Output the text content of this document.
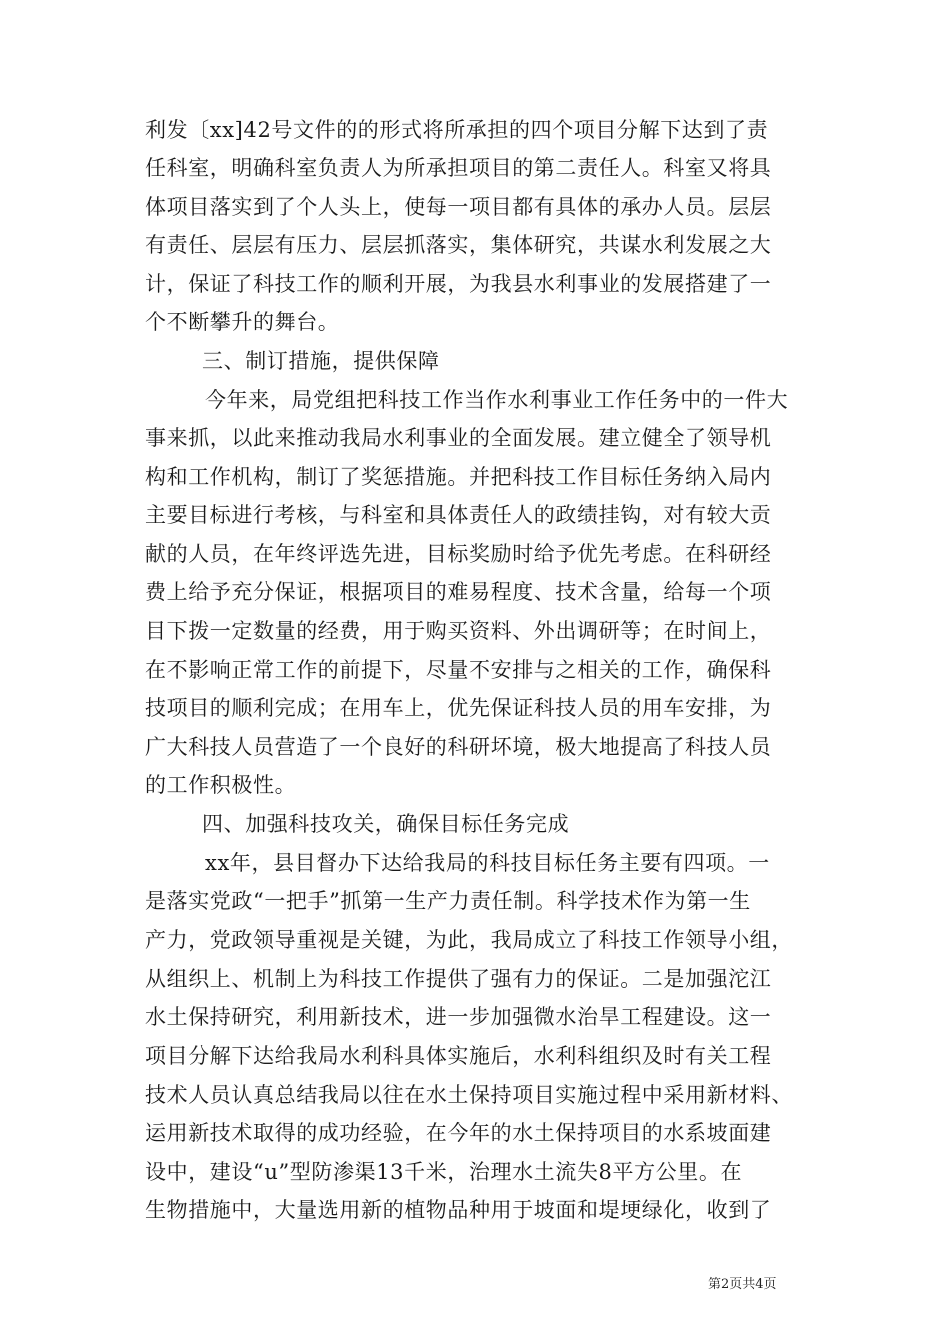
利发〔xx]42号文件的的形式将所承担的四个项目分解下达到了责
任科室，明确科室负责人为所承担项目的第二责任人。科室又将具
体项目落实到了个人头上，使每一项目都有具体的承办人员。层层
有责任、层层有压力、层层抓落实，集体研究，共谋水利发展之大
计，保证了科技工作的顺利开展，为我县水利事业的发展搭建了一
个不断攀升的舞台。
三、制订措施，提供保障
今年来，局党组把科技工作当作水利事业工作任务中的一件大
事来抓，以此来推动我局水利事业的全面发展。建立健全了领导机
构和工作机构，制订了奖惩措施。并把科技工作目标任务纳入局内
主要目标进行考核，与科室和具体责任人的政绩挂钩，对有较大贡
献的人员，在年终评选先进，目标奖励时给予优先考虑。在科研经
费上给予充分保证，根据项目的难易程度、技术含量，给每一个项
目下拨一定数量的经费，用于购买资料、外出调研等；在时间上，
在不影响正常工作的前提下，尽量不安排与之相关的工作，确保科
技项目的顺利完成；在用车上，优先保证科技人员的用车安排，为
广大科技人员营造了一个良好的科研坏境，极大地提高了科技人员
的工作积极性。
四、加强科技攻关，确保目标任务完成
xx年，县目督办下达给我局的科技目标任务主要有四项。一
是落实党政“一把手”抓第一生产力责任制。科学技术作为第一生
产力，党政领导重视是关键，为此，我局成立了科技工作领导小组，
从组织上、机制上为科技工作提供了强有力的保证。二是加强沱江
水土保持研究，利用新技术，进一步加强微水治旱工程建设。这一
项目分解下达给我局水利科具体实施后，水利科组织及时有关工程
技术人员认真总结我局以往在水土保持项目实施过程中采用新材料、
运用新技术取得的成功经验，在今年的水土保持项目的水系坡面建
设中，建设“u”型防渗渠13千米，治理水土流失8平方公里。在
生物措施中，大量选用新的植物品种用于坡面和堤埂绿化，收到了
第2页共4页
